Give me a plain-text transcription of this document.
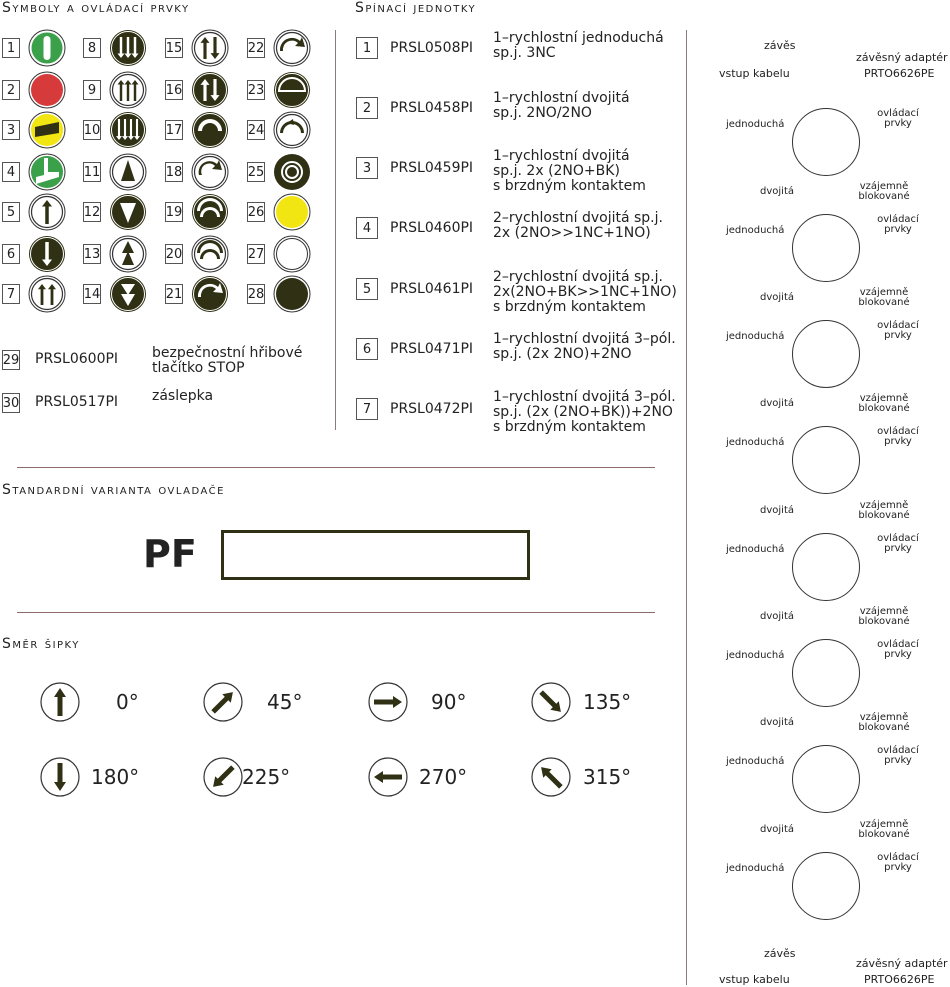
Symboly a ovládací prvky	Spínací jednotky
1
2
3
4
5
6
7
8
9
10
11
12
13
14
15
16
17
18
19
20
21
22
23
24
25
26
27
28
29 PRSL0600PI bezpečnostní hřibové
tlačítko STOP
30 PRSL0517PI záslepka
1	PRSL0508PI
1–rychlostní jednoduchá
sp.j. 3NC
2	PRSL0458PI
1–rychlostní dvojitá
sp.j. 2NO/2NO
3	PRSL0459PI
1–rychlostní dvojitá
sp.j. 2x (2NO+BK)
s brzdným kontaktem
4	PRSL0460PI
2–rychlostní dvojitá sp.j.
2x (2NO>>1NC+1NO)
5	PRSL0461PI
2–rychlostní dvojitá sp.j.
2x(2NO+BK>>1NC+1NO)
s brzdným kontaktem
6	PRSL0471PI
1–rychlostní dvojitá 3–pól.
sp.j. (2x 2NO)+2NO
7	PRSL0472PI
1–rychlostní dvojitá 3–pól.
sp.j. (2x (2NO+BK))+2NO
s brzdným kontaktem
Standardní varianta ovladače
PF
Směr šipky
0°	45°	90°	135°
180°	225°	270°	315°
závěs
závěsný adaptér
vstup kabelu	PRTO6626PE
závěs
závěsný adaptér
vstup kabelu	PRTO6626PE
jednoduchá
ovládací
prvky
dvojitá	vzájemně
blokované
jednoduchá
ovládací
prvky
dvojitá	vzájemně
blokované
jednoduchá
ovládací
prvky
dvojitá	vzájemně
blokované
jednoduchá
ovládací
prvky
dvojitá	vzájemně
blokované
jednoduchá
ovládací
prvky
dvojitá	vzájemně
blokované
jednoduchá
ovládací
prvky
dvojitá	vzájemně
blokované
jednoduchá
ovládací
prvky
dvojitá	vzájemně
blokované
jednoduchá
ovládací
prvky
